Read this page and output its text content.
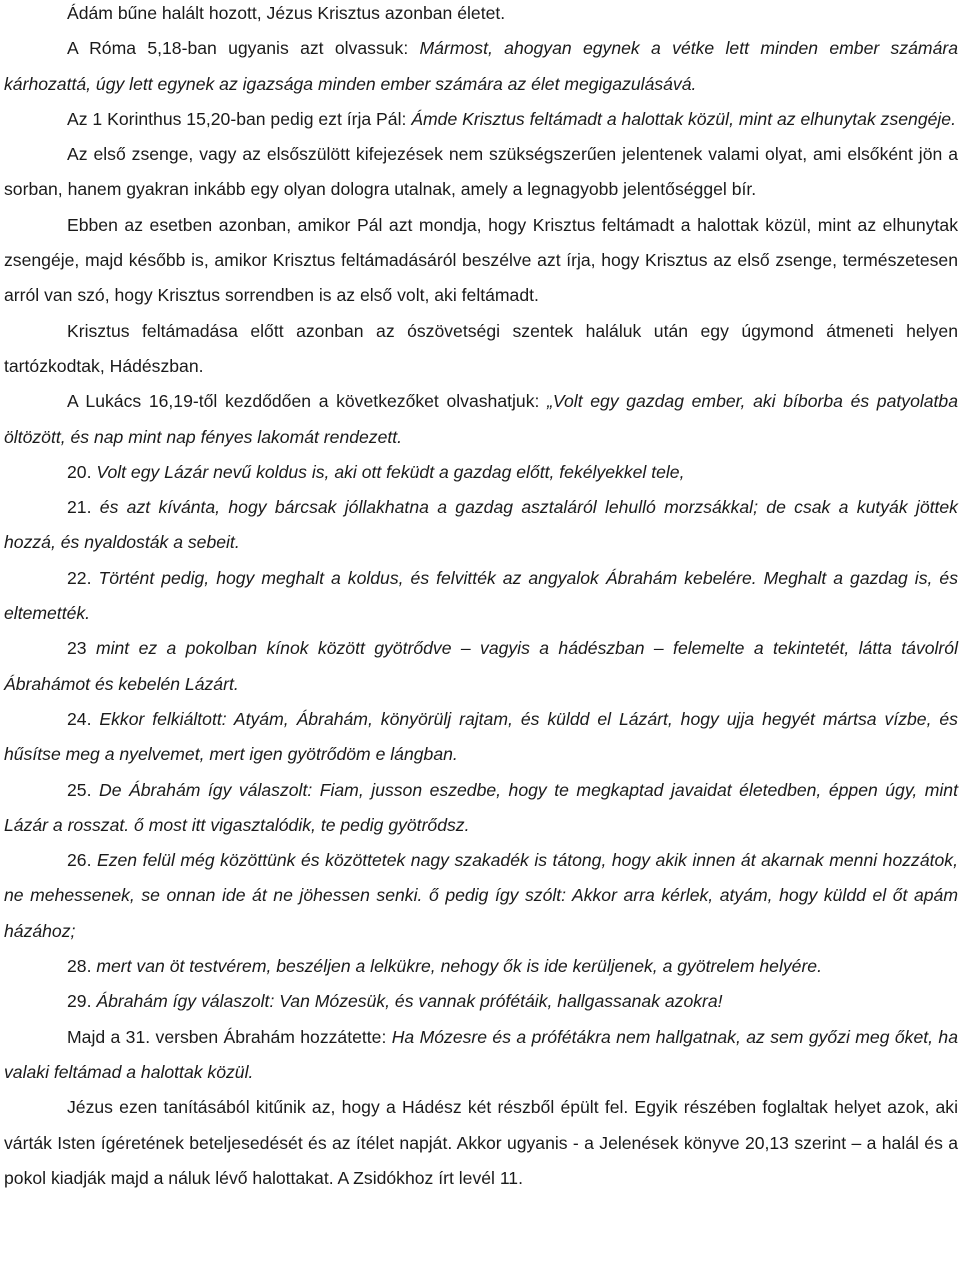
Ádám bűne halált hozott, Jézus Krisztus azonban életet.

A Róma 5,18-ban ugyanis azt olvassuk: Mármost, ahogyan egynek a vétke lett minden ember számára kárhozattá, úgy lett egynek az igazsága minden ember számára az élet megigazulásává.

Az 1 Korinthus 15,20-ban pedig ezt írja Pál: Ámde Krisztus feltámadt a halottak közül, mint az elhunytak zsengéje.

Az első zsenge, vagy az elsőszülött kifejezések nem szükségszerűen jelentenek valami olyat, ami elsőként jön a sorban, hanem gyakran inkább egy olyan dologra utalnak, amely a legnagyobb jelentőséggel bír.

Ebben az esetben azonban, amikor Pál azt mondja, hogy Krisztus feltámadt a halottak közül, mint az elhunytak zsengéje, majd később is, amikor Krisztus feltámadásáról beszélve azt írja, hogy Krisztus az első zsenge, természetesen arról van szó, hogy Krisztus sorrendben is az első volt, aki feltámadt.

Krisztus feltámadása előtt azonban az ószövetségi szentek haláluk után egy úgymond átmeneti helyen tartózkodtak, Hádészban.

A Lukács 16,19-től kezdődően a következőket olvashatjuk: „Volt egy gazdag ember, aki bíborba és patyolatba öltözött, és nap mint nap fényes lakomát rendezett.

20. Volt egy Lázár nevű koldus is, aki ott feküdt a gazdag előtt, fekélyekkel tele,

21. és azt kívánta, hogy bárcsak jóllakhatna a gazdag asztaláról lehulló morzsákkal; de csak a kutyák jöttek hozzá, és nyaldosták a sebeit.

22. Történt pedig, hogy meghalt a koldus, és felvitték az angyalok Ábrahám kebelére. Meghalt a gazdag is, és eltemették.

23 mint ez a pokolban kínok között gyötrődve – vagyis a hádészban – felemelte a tekintetét, látta távolról Ábrahámot és kebelén Lázárt.

24. Ekkor felkiáltott: Atyám, Ábrahám, könyörülj rajtam, és küldd el Lázárt, hogy ujja hegyét mártsa vízbe, és hűsítse meg a nyelvemet, mert igen gyötrődöm e lángban.

25. De Ábrahám így válaszolt: Fiam, jusson eszedbe, hogy te megkaptad javaidat életedben, éppen úgy, mint Lázár a rosszat. ő most itt vigasztalódik, te pedig gyötrődsz.

26. Ezen felül még közöttünk és közöttetek nagy szakadék is tátong, hogy akik innen át akarnak menni hozzátok, ne mehessenek, se onnan ide át ne jöhessen senki. ő pedig így szólt: Akkor arra kérlek, atyám, hogy küldd el őt apám házához;

28. mert van öt testvérem, beszéljen a lelkükre, nehogy ők is ide kerüljenek, a gyötrelem helyére.

29. Ábrahám így válaszolt: Van Mózesük, és vannak prófétáik, hallgassanak azokra!

Majd a 31. versben Ábrahám hozzátette: Ha Mózesre és a prófétákra nem hallgatnak, az sem győzi meg őket, ha valaki feltámad a halottak közül.

Jézus ezen tanításából kitűnik az, hogy a Hádész két részből épült fel. Egyik részében foglaltak helyet azok, aki várták Isten ígéretének beteljesedését és az ítélet napját. Akkor ugyanis - a Jelenések könyve 20,13 szerint – a halál és a pokol kiadják majd a náluk lévő halottakat. A Zsidókhoz írt levél 11.
